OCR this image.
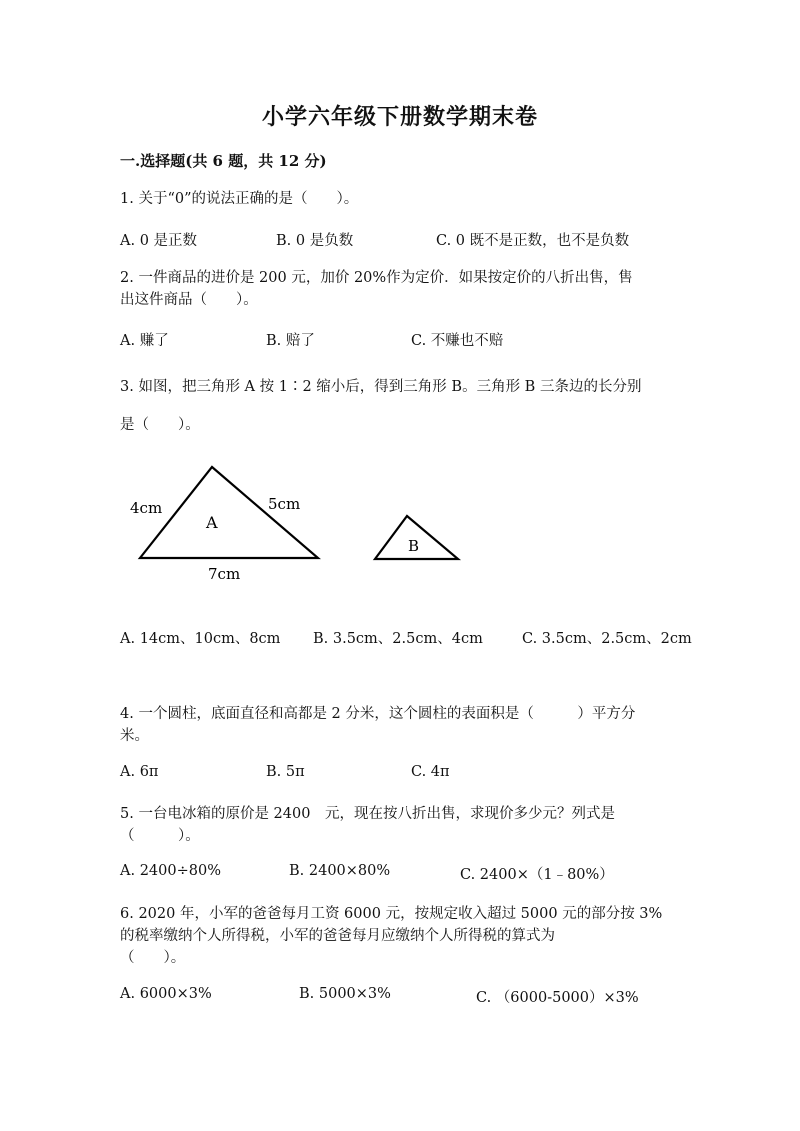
小学六年级下册数学期末卷
一.选择题(共 6 题，共 12 分)
1. 关于“0”的说法正确的是（　　）。
A. 0 是正数	B. 0 是负数	C. 0 既不是正数，也不是负数
2. 一件商品的进价是 200 元，加价 20%作为定价．如果按定价的八折出售，售
出这件商品（　　）。
A. 赚了	B. 赔了	C. 不赚也不赔
3. 如图，把三角形 A 按 1∶2 缩小后，得到三角形 B。三角形 B 三条边的长分别
是（　　）。
A
4cm	5cm
7cm
B
A. 14cm、10cm、8cm B. 3.5cm、2.5cm、4cm	C. 3.5cm、2.5cm、2cm
4. 一个圆柱，底面直径和高都是 2 分米，这个圆柱的表面积是（　　　）平方分
米。
A. 6π	B. 5π	C. 4π
5. 一台电冰箱的原价是 2400　元，现在按八折出售，求现价多少元？列式是
（　　　）。
A. 2400÷80%	B. 2400×80%	C. 2400×（1﹣80%）
6. 2020 年，小军的爸爸每月工资 6000 元，按规定收入超过 5000 元的部分按 3%
的税率缴纳个人所得税，小军的爸爸每月应缴纳个人所得税的算式为
（　　）。
A. 6000×3%	B. 5000×3%	C. （6000-5000）×3%
